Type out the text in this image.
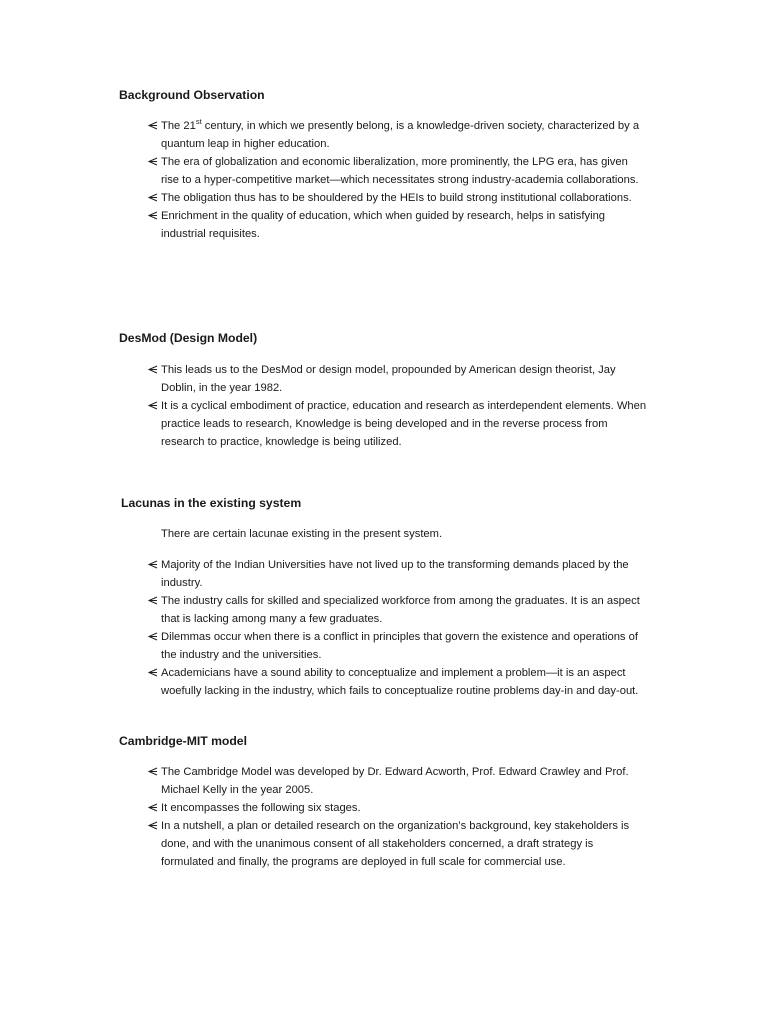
Background Observation
The 21st century, in which we presently belong, is a knowledge-driven society, characterized by a quantum leap in higher education.
The era of globalization and economic liberalization, more prominently, the LPG era, has given rise to a hyper-competitive market—which necessitates strong industry-academia collaborations.
The obligation thus has to be shouldered by the HEIs to build strong institutional collaborations.
Enrichment in the quality of education, which when guided by research, helps in satisfying industrial requisites.
DesMod (Design Model)
This leads us to the DesMod or design model, propounded by American design theorist, Jay Doblin, in the year 1982.
It is a cyclical embodiment of practice, education and research as interdependent elements. When practice leads to research, Knowledge is being developed and in the reverse process from research to practice, knowledge is being utilized.
Lacunas in the existing system

There are certain lacunae existing in the present system.

Majority of the Indian Universities have not lived up to the transforming demands placed by the industry.
The industry calls for skilled and specialized workforce from among the graduates. It is an aspect that is lacking among many a few graduates.
Dilemmas occur when there is a conflict in principles that govern the existence and operations of the industry and the universities.
Academicians have a sound ability to conceptualize and implement a problem—it is an aspect woefully lacking in the industry, which fails to conceptualize routine problems day-in and day-out.
Cambridge-MIT model
The Cambridge Model was developed by Dr. Edward Acworth, Prof. Edward Crawley and Prof. Michael Kelly in the year 2005.
It encompasses the following six stages.
In a nutshell, a plan or detailed research on the organization’s background, key stakeholders is done, and with the unanimous consent of all stakeholders concerned, a draft strategy is formulated and finally, the programs are deployed in full scale for commercial use.
